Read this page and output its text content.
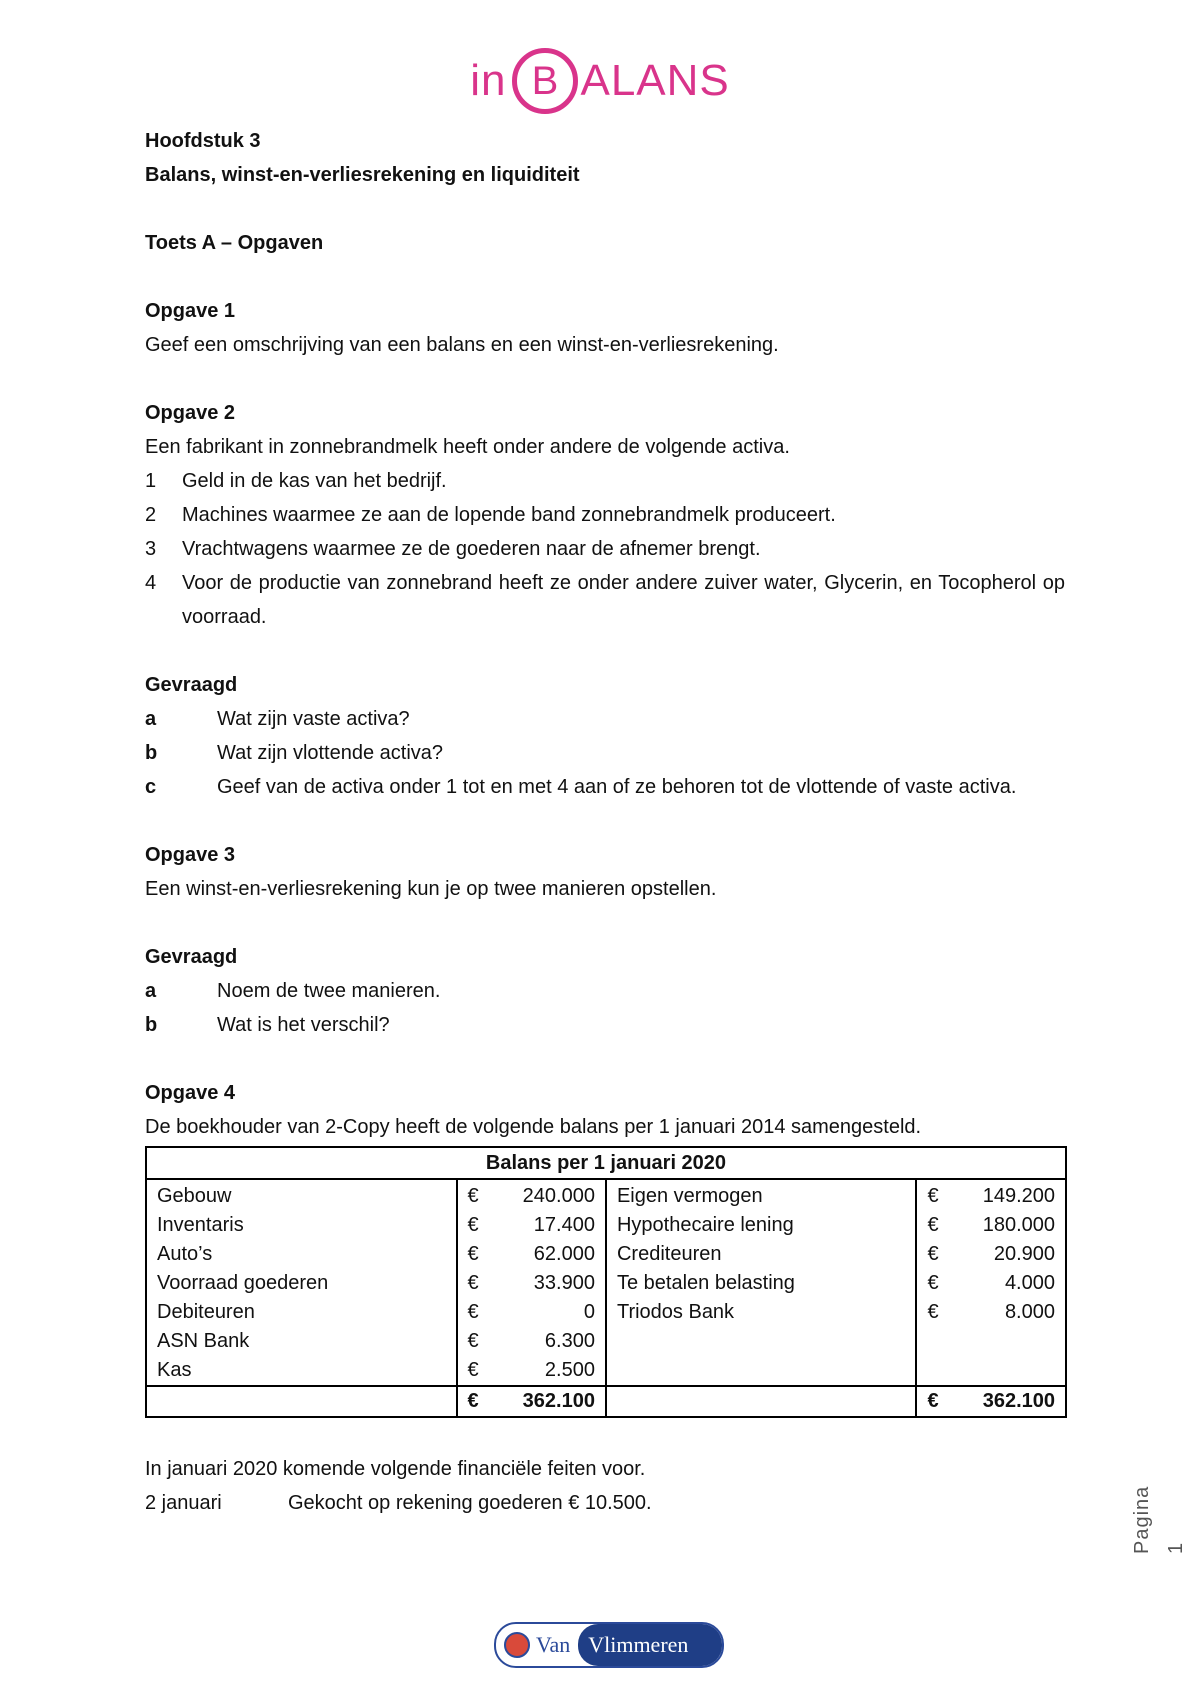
in B ALANS

Hoofdstuk 3

Balans, winst-en-verliesrekening en liquiditeit

Toets A – Opgaven

Opgave 1

Geef een omschrijving van een balans en een winst-en-verliesrekening.

Opgave 2

Een fabrikant in zonnebrandmelk heeft onder andere de volgende activa.

1	Geld in de kas van het bedrijf.
2	Machines waarmee ze aan de lopende band zonnebrandmelk produceert.
3	Vrachtwagens waarmee ze de goederen naar de afnemer brengt.
4	Voor de productie van zonnebrand heeft ze onder andere zuiver water, Glycerin, en Tocopherol op voorraad.

Gevraagd

a	Wat zijn vaste activa?
b	Wat zijn vlottende activa?
c	Geef van de activa onder 1 tot en met 4 aan of ze behoren tot de vlottende of vaste activa.

Opgave 3

Een winst-en-verliesrekening kun je op twee manieren opstellen.

Gevraagd

a	Noem de twee manieren.
b	Wat is het verschil?

Opgave 4

De boekhouder van 2-Copy heeft de volgende balans per 1 januari 2014 samengesteld.

Balans per 1 januari 2020					
Gebouw	€	240.000	Eigen vermogen	€	149.200
Inventaris	€	17.400	Hypothecaire lening	€	180.000
Auto’s	€	62.000	Crediteuren	€	20.900
Voorraad goederen	€	33.900	Te betalen belasting	€	4.000
Debiteuren	€	0	Triodos Bank	€	8.000
ASN Bank	€	6.300			
Kas	€	2.500			
	€	362.100		€	362.100

In januari 2020 komende volgende financiële feiten voor.

2 januari	Gekocht op rekening goederen € 10.500.	Pagina 1
Van Vlimmeren
